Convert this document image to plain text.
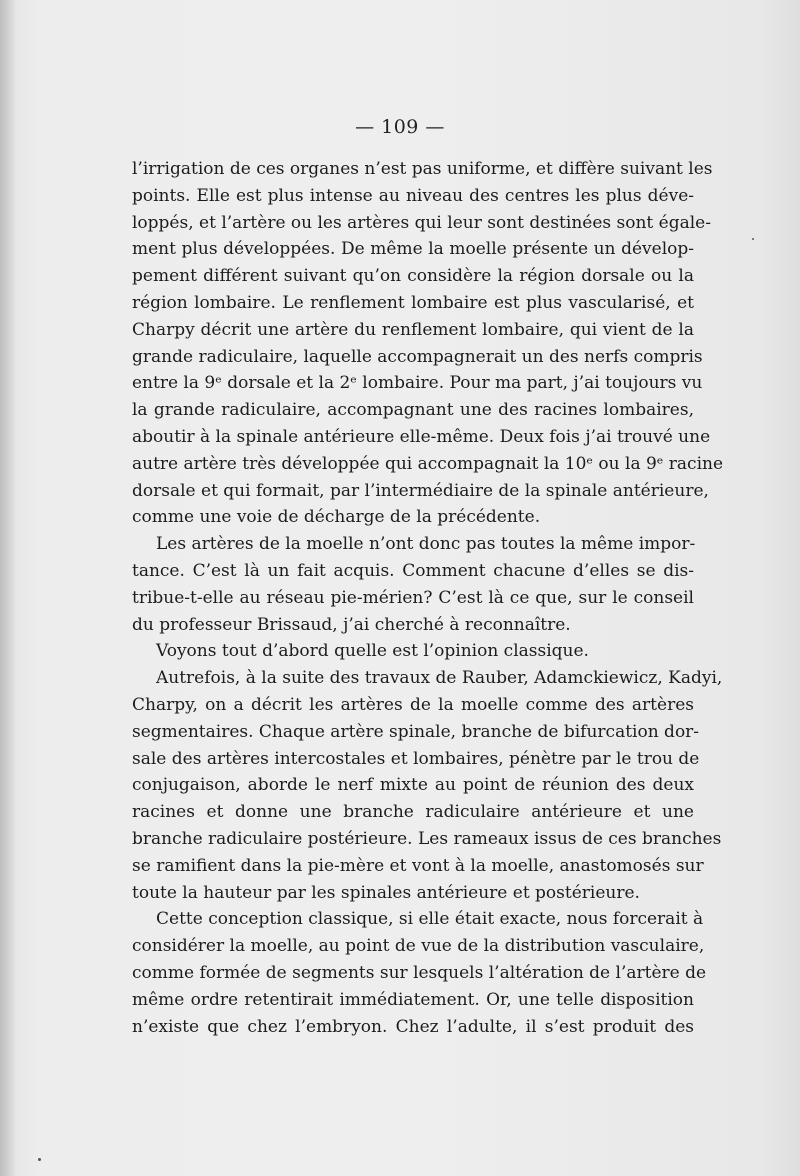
— 109 —
l’irrigation de ces organes n’est pas uniforme, et diffère suivant les
points. Elle est plus intense au niveau des centres les plus déve-
loppés, et l’artère ou les artères qui leur sont destinées sont égale-
ment plus développées. De même la moelle présente un dévelop-
pement différent suivant qu’on considère la région dorsale ou la
région lombaire. Le renflement lombaire est plus vascularisé, et
Charpy décrit une artère du renflement lombaire, qui vient de la
grande radiculaire, laquelle accompagnerait un des nerfs compris
entre la 9ᵉ dorsale et la 2ᵉ lombaire. Pour ma part, j’ai toujours vu
la grande radiculaire, accompagnant une des racines lombaires,
aboutir à la spinale antérieure elle-même. Deux fois j’ai trouvé une
autre artère très développée qui accompagnait la 10ᵉ ou la 9ᵉ racine
dorsale et qui formait, par l’intermédiaire de la spinale antérieure,
comme une voie de décharge de la précédente.
Les artères de la moelle n’ont donc pas toutes la même impor-
tance. C’est là un fait acquis. Comment chacune d’elles se dis-
tribue-t-elle au réseau pie-mérien? C’est là ce que, sur le conseil
du professeur Brissaud, j’ai cherché à reconnaître.
Voyons tout d’abord quelle est l’opinion classique.
Autrefois, à la suite des travaux de Rauber, Adamckiewicz, Kadyi,
Charpy, on a décrit les artères de la moelle comme des artères
segmentaires. Chaque artère spinale, branche de bifurcation dor-
sale des artères intercostales et lombaires, pénètre par le trou de
conjugaison, aborde le nerf mixte au point de réunion des deux
racines et donne une branche radiculaire antérieure et une
branche radiculaire postérieure. Les rameaux issus de ces branches
se ramifient dans la pie-mère et vont à la moelle, anastomosés sur
toute la hauteur par les spinales antérieure et postérieure.
Cette conception classique, si elle était exacte, nous forcerait à
considérer la moelle, au point de vue de la distribution vasculaire,
comme formée de segments sur lesquels l’altération de l’artère de
même ordre retentirait immédiatement. Or, une telle disposition
n’existe que chez l’embryon. Chez l’adulte, il s’est produit des
